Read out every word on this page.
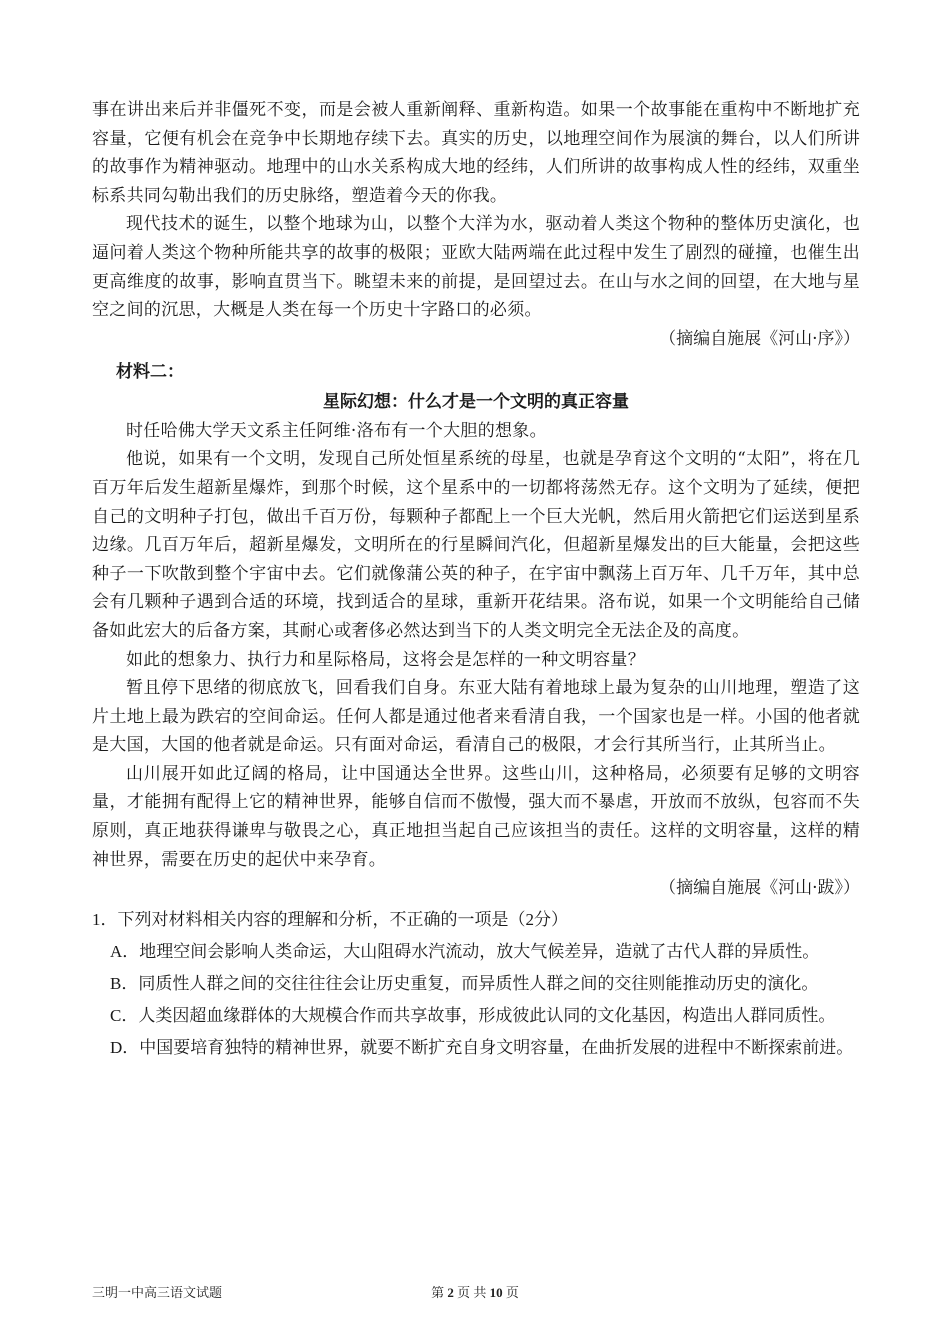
事在讲出来后并非僵死不变，而是会被人重新阐释、重新构造。如果一个故事能在重构中不断地扩充容量，它便有机会在竞争中长期地存续下去。真实的历史，以地理空间作为展演的舞台，以人们所讲的故事作为精神驱动。地理中的山水关系构成大地的经纬，人们所讲的故事构成人性的经纬，双重坐标系共同勾勒出我们的历史脉络，塑造着今天的你我。

现代技术的诞生，以整个地球为山，以整个大洋为水，驱动着人类这个物种的整体历史演化，也逼问着人类这个物种所能共享的故事的极限；亚欧大陆两端在此过程中发生了剧烈的碰撞，也催生出更高维度的故事，影响直贯当下。眺望未来的前提，是回望过去。在山与水之间的回望，在大地与星空之间的沉思，大概是人类在每一个历史十字路口的必须。

（摘编自施展《河山·序》）

材料二：
星际幻想：什么才是一个文明的真正容量

时任哈佛大学天文系主任阿维·洛布有一个大胆的想象。

他说，如果有一个文明，发现自己所处恒星系统的母星，也就是孕育这个文明的“太阳”，将在几百万年后发生超新星爆炸，到那个时候，这个星系中的一切都将荡然无存。这个文明为了延续，便把自己的文明种子打包，做出千百万份，每颗种子都配上一个巨大光帆，然后用火箭把它们运送到星系边缘。几百万年后，超新星爆发，文明所在的行星瞬间汽化，但超新星爆发出的巨大能量，会把这些种子一下吹散到整个宇宙中去。它们就像蒲公英的种子，在宇宙中飘荡上百万年、几千万年，其中总会有几颗种子遇到合适的环境，找到适合的星球，重新开花结果。洛布说，如果一个文明能给自己储备如此宏大的后备方案，其耐心或奢侈必然达到当下的人类文明完全无法企及的高度。

如此的想象力、执行力和星际格局，这将会是怎样的一种文明容量？

暂且停下思绪的彻底放飞，回看我们自身。东亚大陆有着地球上最为复杂的山川地理，塑造了这片土地上最为跌宕的空间命运。任何人都是通过他者来看清自我，一个国家也是一样。小国的他者就是大国，大国的他者就是命运。只有面对命运，看清自己的极限，才会行其所当行，止其所当止。

山川展开如此辽阔的格局，让中国通达全世界。这些山川，这种格局，必须要有足够的文明容量，才能拥有配得上它的精神世界，能够自信而不傲慢，强大而不暴虐，开放而不放纵，包容而不失原则，真正地获得谦卑与敬畏之心，真正地担当起自己应该担当的责任。这样的文明容量，这样的精神世界，需要在历史的起伏中来孕育。

（摘编自施展《河山·跋》）

1．下列对材料相关内容的理解和分析，不正确的一项是（2分）

A．地理空间会影响人类命运，大山阻碍水汽流动，放大气候差异，造就了古代人群的异质性。

B．同质性人群之间的交往往往会让历史重复，而异质性人群之间的交往则能推动历史的演化。

C．人类因超血缘群体的大规模合作而共享故事，形成彼此认同的文化基因，构造出人群同质性。

D．中国要培育独特的精神世界，就要不断扩充自身文明容量，在曲折发展的进程中不断探索前进。

三明一中高三语文试题	第 2 页 共 10 页
